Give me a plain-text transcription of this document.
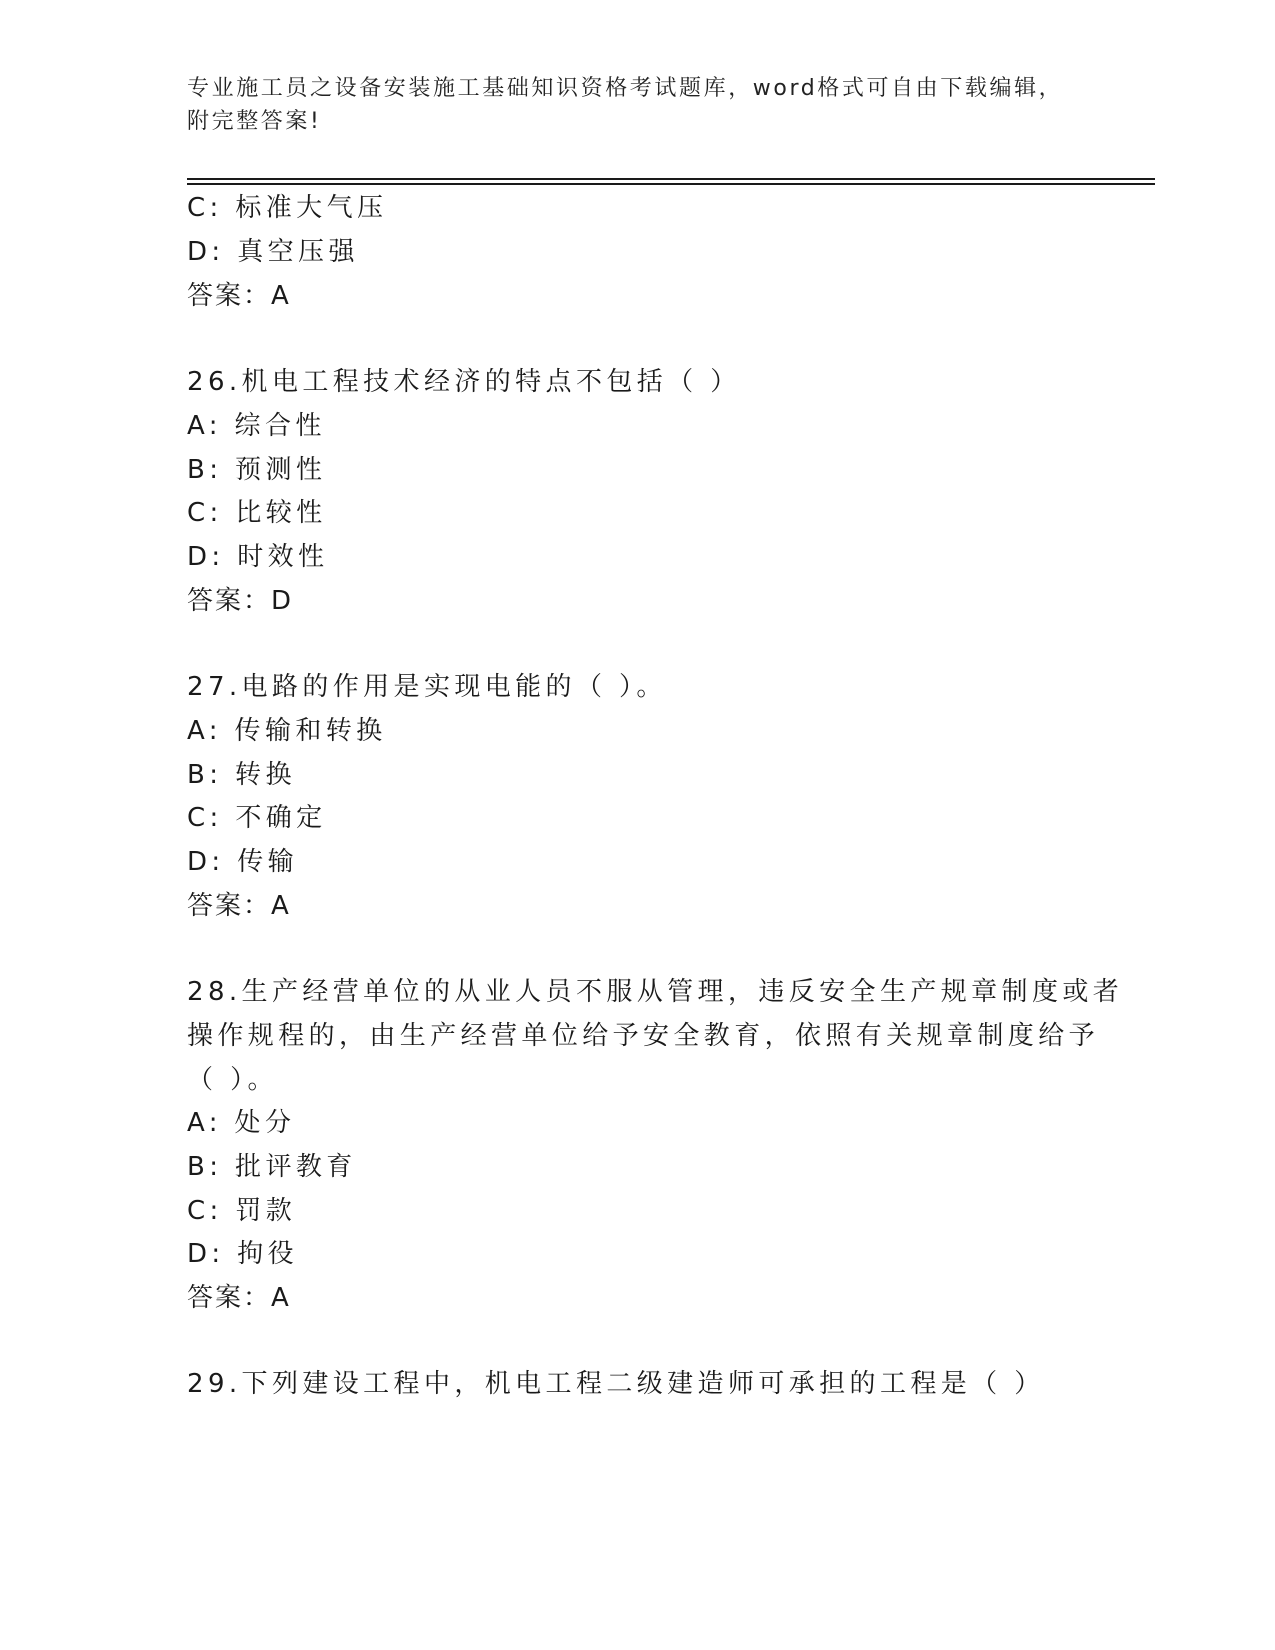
专业施工员之设备安装施工基础知识资格考试题库，word格式可自由下载编辑，
附完整答案!
C: 标准大气压
D: 真空压强
答案：A
26.机电工程技术经济的特点不包括（ ）
A: 综合性
B: 预测性
C: 比较性
D: 时效性
答案：D
27.电路的作用是实现电能的（ ）。
A: 传输和转换
B: 转换
C: 不确定
D: 传输
答案：A
28.生产经营单位的从业人员不服从管理，违反安全生产规章制度或者
操作规程的，由生产经营单位给予安全教育，依照有关规章制度给予
（ ）。
A: 处分
B: 批评教育
C: 罚款
D: 拘役
答案：A
29.下列建设工程中，机电工程二级建造师可承担的工程是（ ）
